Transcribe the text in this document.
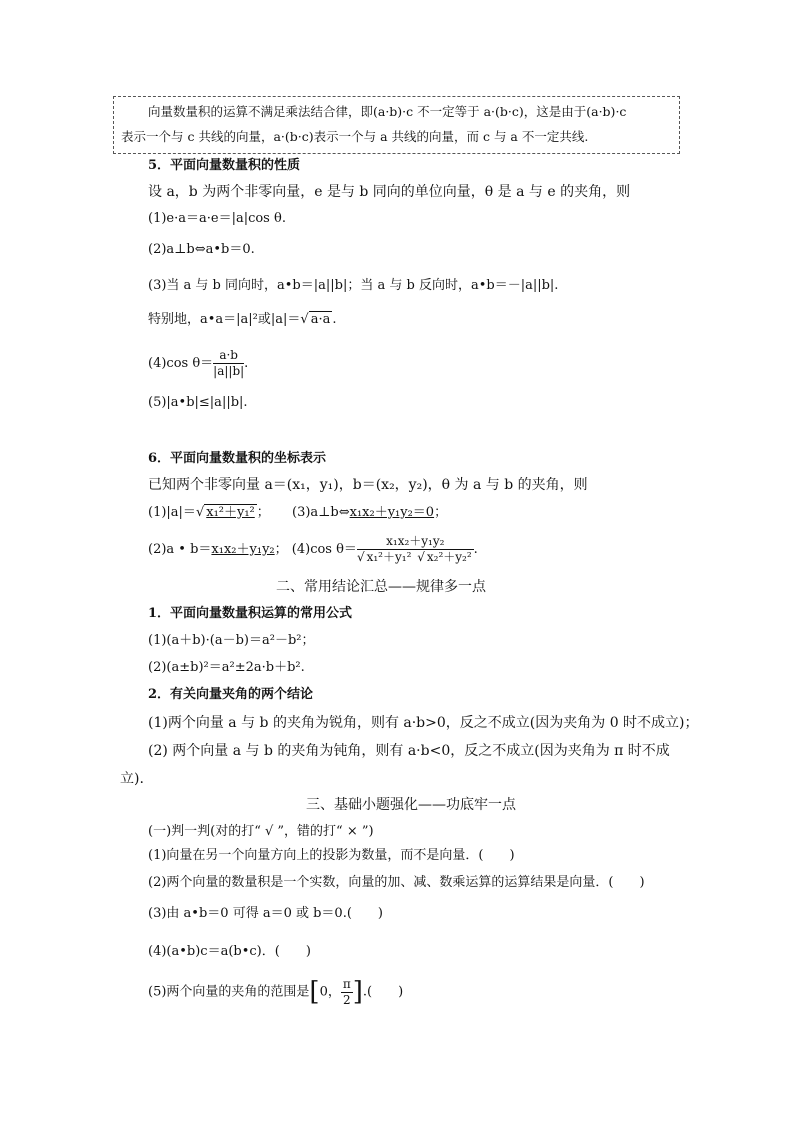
向量数量积的运算不满足乘法结合律，即(a·b)·c 不一定等于 a·(b·c)，这是由于(a·b)·c
表示一个与 c 共线的向量，a·(b·c)表示一个与 a 共线的向量，而 c 与 a 不一定共线.
5．平面向量数量积的性质
设 a，b 为两个非零向量，e 是与 b 同向的单位向量，θ 是 a 与 e 的夹角，则
(1)e·a＝a·e＝|a|cos θ.
(2)a⊥b⇔a•b＝0.
(3)当 a 与 b 同向时，a•b＝|a||b|；当 a 与 b 反向时，a•b＝－|a||b|.
特别地，a•a＝|a|²或|a|＝√ a·a .
(4)cos $\theta= \frac{a\cdot b}{|a||b|}$ .
(5)|a•b|≤|a||b|.
6．平面向量数量积的坐标表示
已知两个非零向量 a＝(x₁，y₁)，b＝(x₂，y₂)，θ 为 a 与 b 的夹角，则
(1)|a|＝√ x₁²＋y₁² ； (3)a⊥b⇔x₁x₂＋y₁y₂＝0；
(2)a • b＝x₁x₂＋y₁y₂； (4)cos $\theta= \frac{\text{x₁x₂＋y₁y₂}}{\text{√ x₁²＋y₁² √ x₂²＋y₂²}}$ .
二、常用结论汇总——规律多一点
1．平面向量数量积运算的常用公式
(1)(a＋b)·(a－b)＝a²－b²；
(2)(a±b)²＝a²±2a·b＋b².
2．有关向量夹角的两个结论
(1)两个向量 a 与 b 的夹角为锐角，则有 a·b>0，反之不成立(因为夹角为 0 时不成立)；
(2) 两个向量 a 与 b 的夹角为钝角，则有 a·b<0，反之不成立(因为夹角为 π 时不成
立).
三、基础小题强化——功底牢一点
(一)判一判(对的打“ √ ”，错的打“ × ”)
(1)向量在另一个向量方向上的投影为数量，而不是向量．(　　)
(2)两个向量的数量积是一个实数，向量的加、减、数乘运算的运算结果是向量．(　　)
(3)由 a•b＝0 可得 a＝0 或 b＝0.(　　)
(4)(a•b)c＝a(b•c)．(　　)
(5)两个向量的夹角的范围是[0， $\frac{\pi}{2}$ ].(　　)
